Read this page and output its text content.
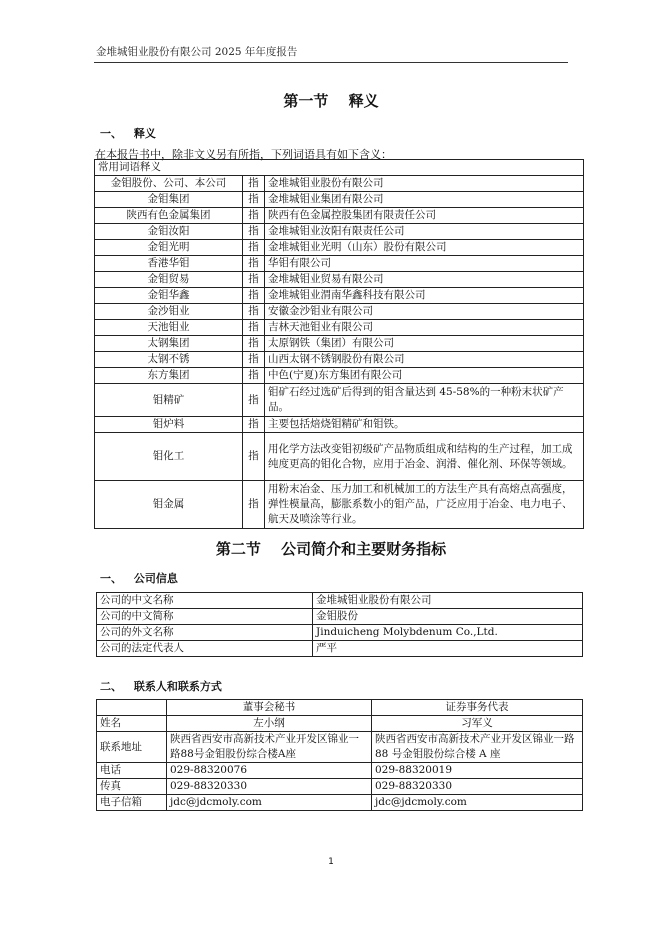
金堆城钼业股份有限公司 2025 年年度报告
第一节　 释义
一、 释义
在本报告书中，除非文义另有所指，下列词语具有如下含义：
常用词语释义		
金钼股份、公司、本公司	指	金堆城钼业股份有限公司
金钼集团	指	金堆城钼业集团有限公司
陕西有色金属集团	指	陕西有色金属控股集团有限责任公司
金钼汝阳	指	金堆城钼业汝阳有限责任公司
金钼光明	指	金堆城钼业光明（山东）股份有限公司
香港华钼	指	华钼有限公司
金钼贸易	指	金堆城钼业贸易有限公司
金钼华鑫	指	金堆城钼业渭南华鑫科技有限公司
金沙钼业	指	安徽金沙钼业有限公司
天池钼业	指	吉林天池钼业有限公司
太钢集团	指	太原钢铁（集团）有限公司
太钢不锈	指	山西太钢不锈钢股份有限公司
东方集团	指	中色(宁夏)东方集团有限公司
钼精矿	指	钼矿石经过选矿后得到的钼含量达到 45-58%的一种粉末状矿产品。
钼炉料	指	主要包括焙烧钼精矿和钼铁。
钼化工	指	用化学方法改变钼初级矿产品物质组成和结构的生产过程，加工成纯度更高的钼化合物，应用于冶金、润滑、催化剂、环保等领域。
钼金属	指	用粉末冶金、压力加工和机械加工的方法生产具有高熔点高强度，弹性模量高，膨胀系数小的钼产品，广泛应用于冶金、电力电子、航天及喷涂等行业。
第二节　 公司简介和主要财务指标
一、 公司信息
公司的中文名称	金堆城钼业股份有限公司
公司的中文简称	金钼股份
公司的外文名称	Jinduicheng Molybdenum Co.,Ltd.
公司的法定代表人	严平
二、 联系人和联系方式
	董事会秘书	证券事务代表
姓名	左小纲	习军义
联系地址	陕西省西安市高新技术产业开发区锦业一路88号金钼股份综合楼A座	陕西省西安市高新技术产业开发区锦业一路 88 号金钼股份综合楼 A 座
电话	029-88320076	029-88320019
传真	029-88320330	029-88320330
电子信箱	jdc@jdcmoly.com	jdc@jdcmoly.com
1
